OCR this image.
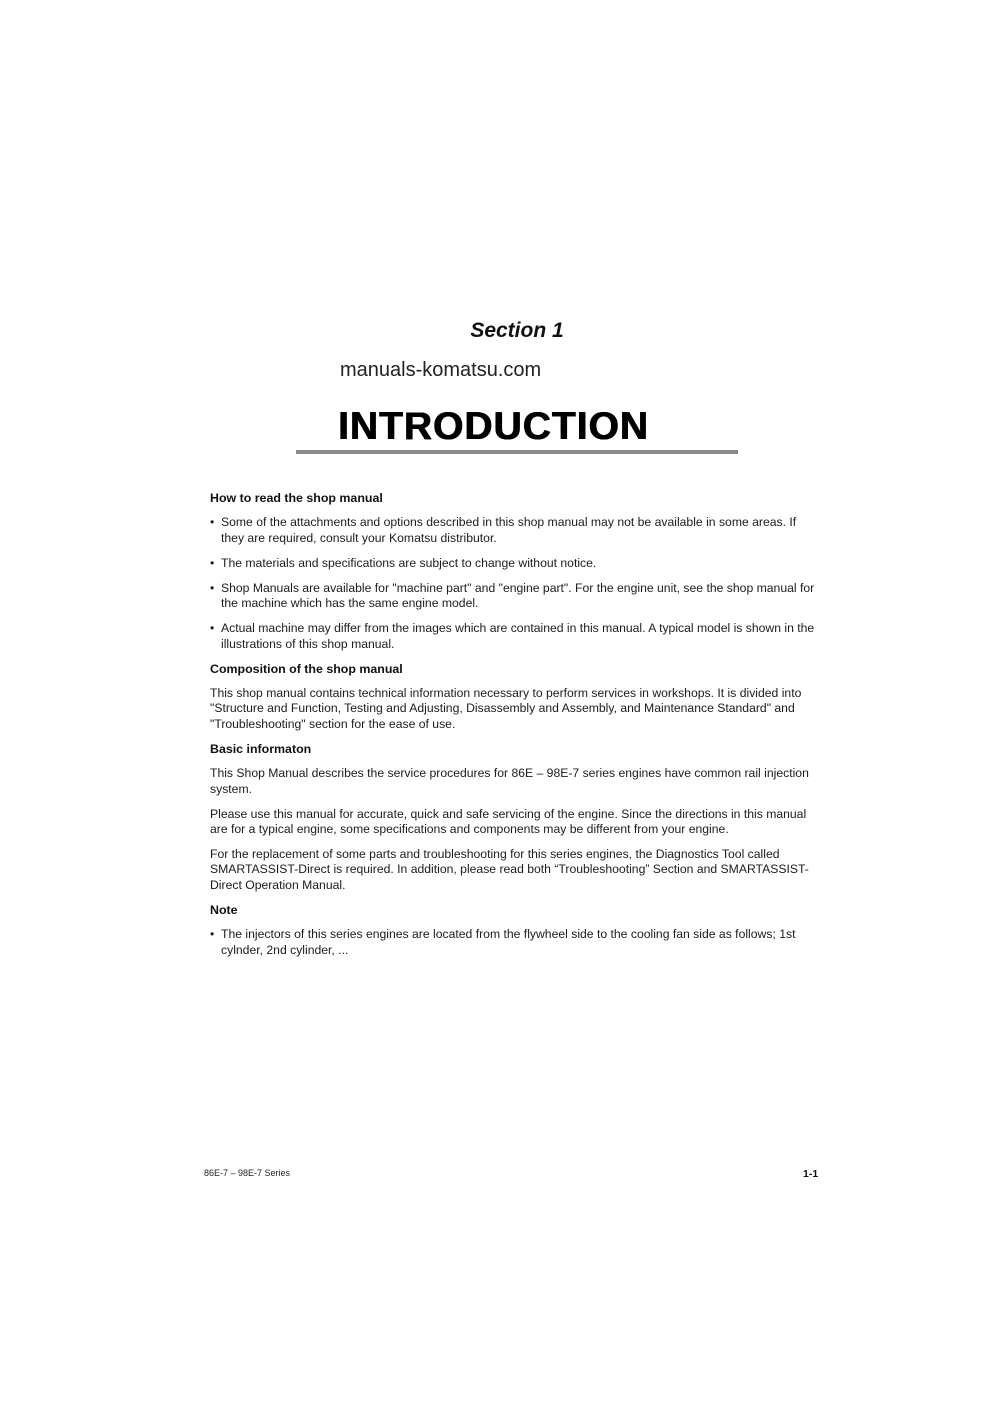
Section 1
manuals-komatsu.com
INTRODUCTION
How to read the shop manual
• Some of the attachments and options described in this shop manual may not be available in some areas. If they are required, consult your Komatsu distributor.
• The materials and specifications are subject to change without notice.
• Shop Manuals are available for "machine part" and "engine part". For the engine unit, see the shop manual for the machine which has the same engine model.
• Actual machine may differ from the images which are contained in this manual. A typical model is shown in the illustrations of this shop manual.
Composition of the shop manual
This shop manual contains technical information necessary to perform services in workshops. It is divided into "Structure and Function, Testing and Adjusting, Disassembly and Assembly, and Maintenance Standard" and "Troubleshooting" section for the ease of use.
Basic informaton
This Shop Manual describes the service procedures for 86E – 98E-7 series engines have common rail injection system.
Please use this manual for accurate, quick and safe servicing of the engine. Since the directions in this manual are for a typical engine, some specifications and components may be different from your engine.
For the replacement of some parts and troubleshooting for this series engines, the Diagnostics Tool called SMARTASSIST-Direct is required. In addition, please read both “Troubleshooting” Section and SMARTASSIST-Direct Operation Manual.
Note
• The injectors of this series engines are located from the flywheel side to the cooling fan side as follows; 1st cylnder, 2nd cylinder, ...
86E-7 – 98E-7 Series	1-1
